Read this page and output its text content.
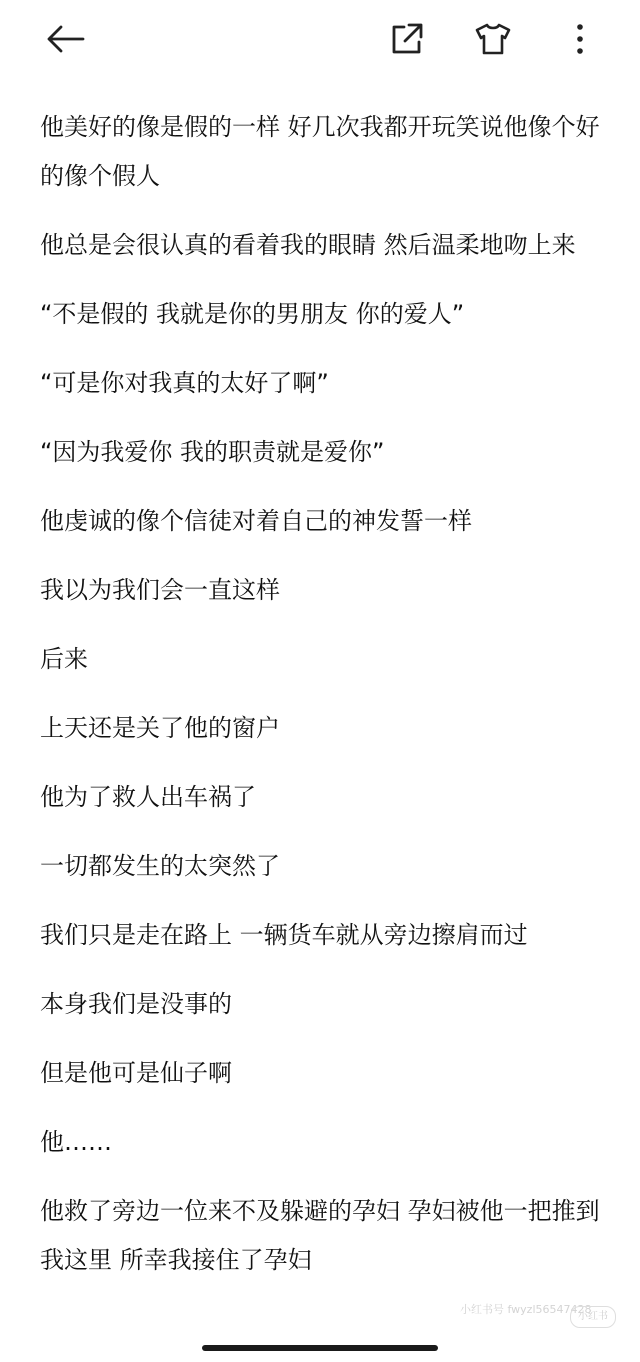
他美好的像是假的一样 好几次我都开玩笑说他像个好的像个假人

他总是会很认真的看着我的眼睛 然后温柔地吻上来

“不是假的 我就是你的男朋友 你的爱人”

“可是你对我真的太好了啊”

“因为我爱你 我的职责就是爱你”

他虔诚的像个信徒对着自己的神发誓一样

我以为我们会一直这样

后来

上天还是关了他的窗户

他为了救人出车祸了

一切都发生的太突然了

我们只是走在路上 一辆货车就从旁边擦肩而过

本身我们是没事的

但是他可是仙子啊

他……

他救了旁边一位来不及躲避的孕妇 孕妇被他一把推到我这里 所幸我接住了孕妇

小红书号 fwyzl56547428
小红书
